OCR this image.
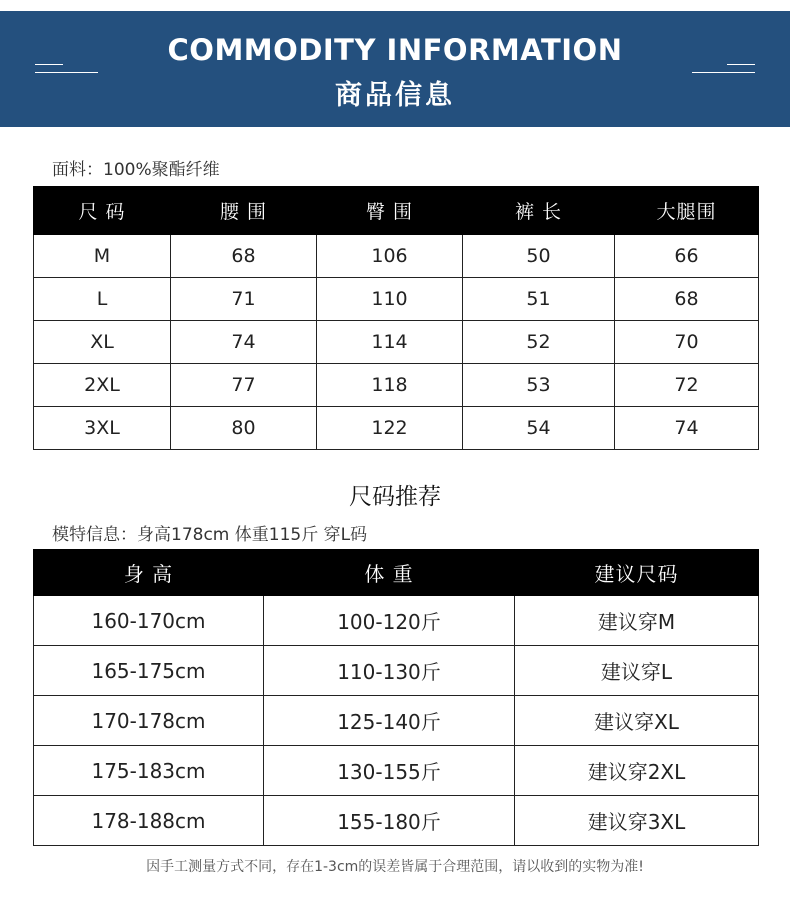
COMMODITY INFORMATION
商品信息
面料：100%聚酯纤维
尺 码	腰 围	臀 围	裤 长	大腿围
M	68	106	50	66
L	71	110	51	68
XL	74	114	52	70
2XL	77	118	53	72
3XL	80	122	54	74
尺码推荐
模特信息：身高178cm 体重115斤 穿L码
身 高	体 重	建议尺码
160-170cm	100-120斤	建议穿M
165-175cm	110-130斤	建议穿L
170-178cm	125-140斤	建议穿XL
175-183cm	130-155斤	建议穿2XL
178-188cm	155-180斤	建议穿3XL
因手工测量方式不同，存在1-3cm的误差皆属于合理范围，请以收到的实物为准!
